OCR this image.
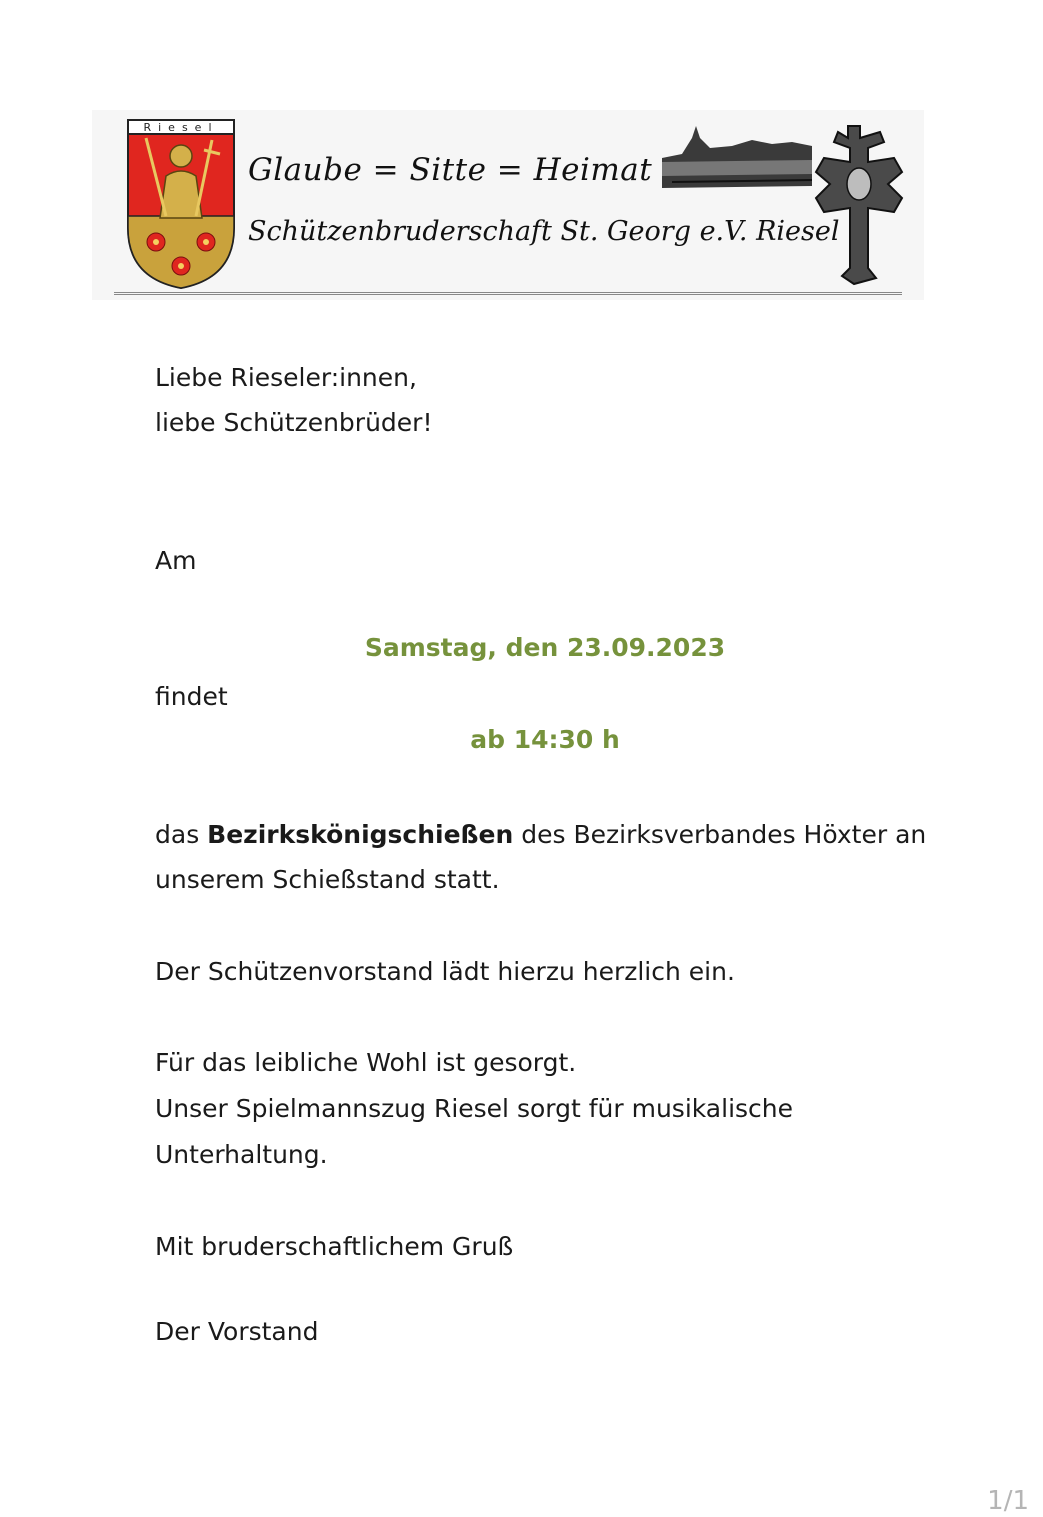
Riesel
Glaube = Sitte = Heimat
Schützenbruderschaft St. Georg e.V. Riesel
Liebe Rieseler:innen,
liebe Schützenbrüder!
Am
Samstag, den 23.09.2023
findet
ab 14:30 h
das Bezirkskönigschießen des Bezirksverbandes Höxter an
unserem Schießstand statt.
Der Schützenvorstand lädt hierzu herzlich ein.
Für das leibliche Wohl ist gesorgt.
Unser Spielmannszug Riesel sorgt für musikalische
Unterhaltung.
Mit bruderschaftlichem Gruß
Der Vorstand
1/1
